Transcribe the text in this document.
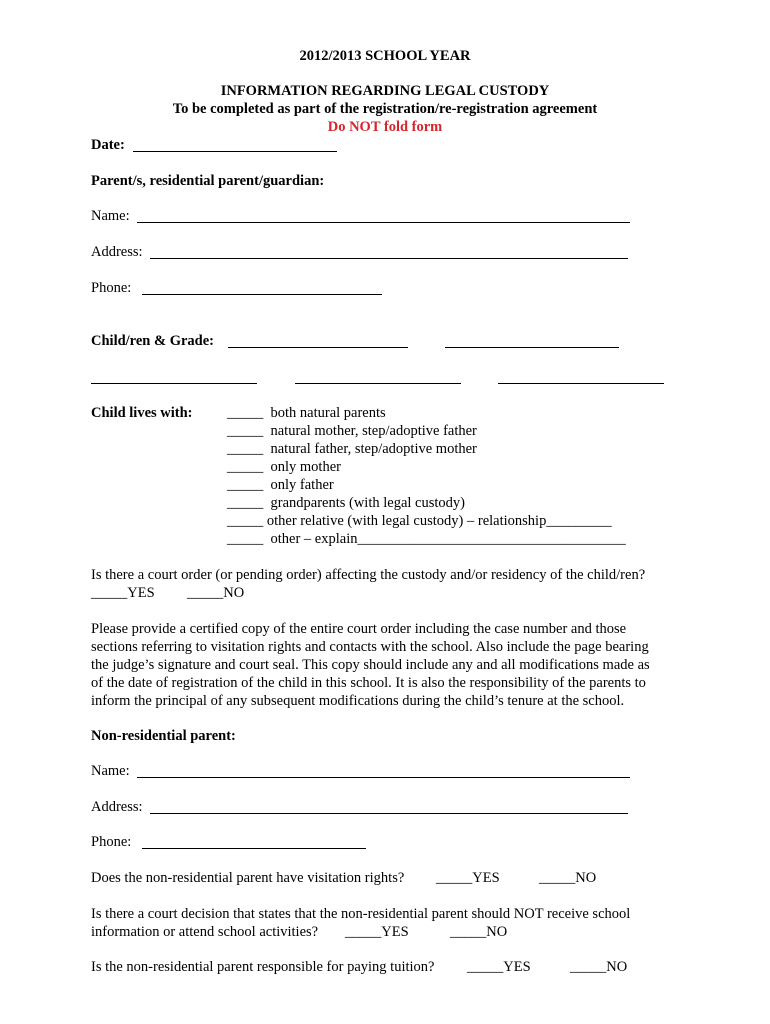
2012/2013 SCHOOL YEAR
INFORMATION REGARDING LEGAL CUSTODY
To be completed as part of the registration/re-registration agreement
Do NOT fold form
Date:
Parent/s, residential parent/guardian:
Name:
Address:
Phone:
Child/ren & Grade:
Child lives with: _____ both natural parents
_____ natural mother, step/adoptive father
_____ natural father, step/adoptive mother
_____ only mother
_____ only father
_____ grandparents (with legal custody)
_____ other relative (with legal custody) – relationship_________
_____ other – explain_____________________________________
Is there a court order (or pending order) affecting the custody and/or residency of the child/ren?
_____YES _____NO
Please provide a certified copy of the entire court order including the case number and those
sections referring to visitation rights and contacts with the school. Also include the page bearing
the judge’s signature and court seal. This copy should include any and all modifications made as
of the date of registration of the child in this school. It is also the responsibility of the parents to
inform the principal of any subsequent modifications during the child’s tenure at the school.
Non-residential parent:
Name:
Address:
Phone:
Does the non-residential parent have visitation rights? _____YES	_____NO
Is there a court decision that states that the non-residential parent should NOT receive school
information or attend school activities? _____YES	_____NO
Is the non-residential parent responsible for paying tuition? _____YES	_____NO
